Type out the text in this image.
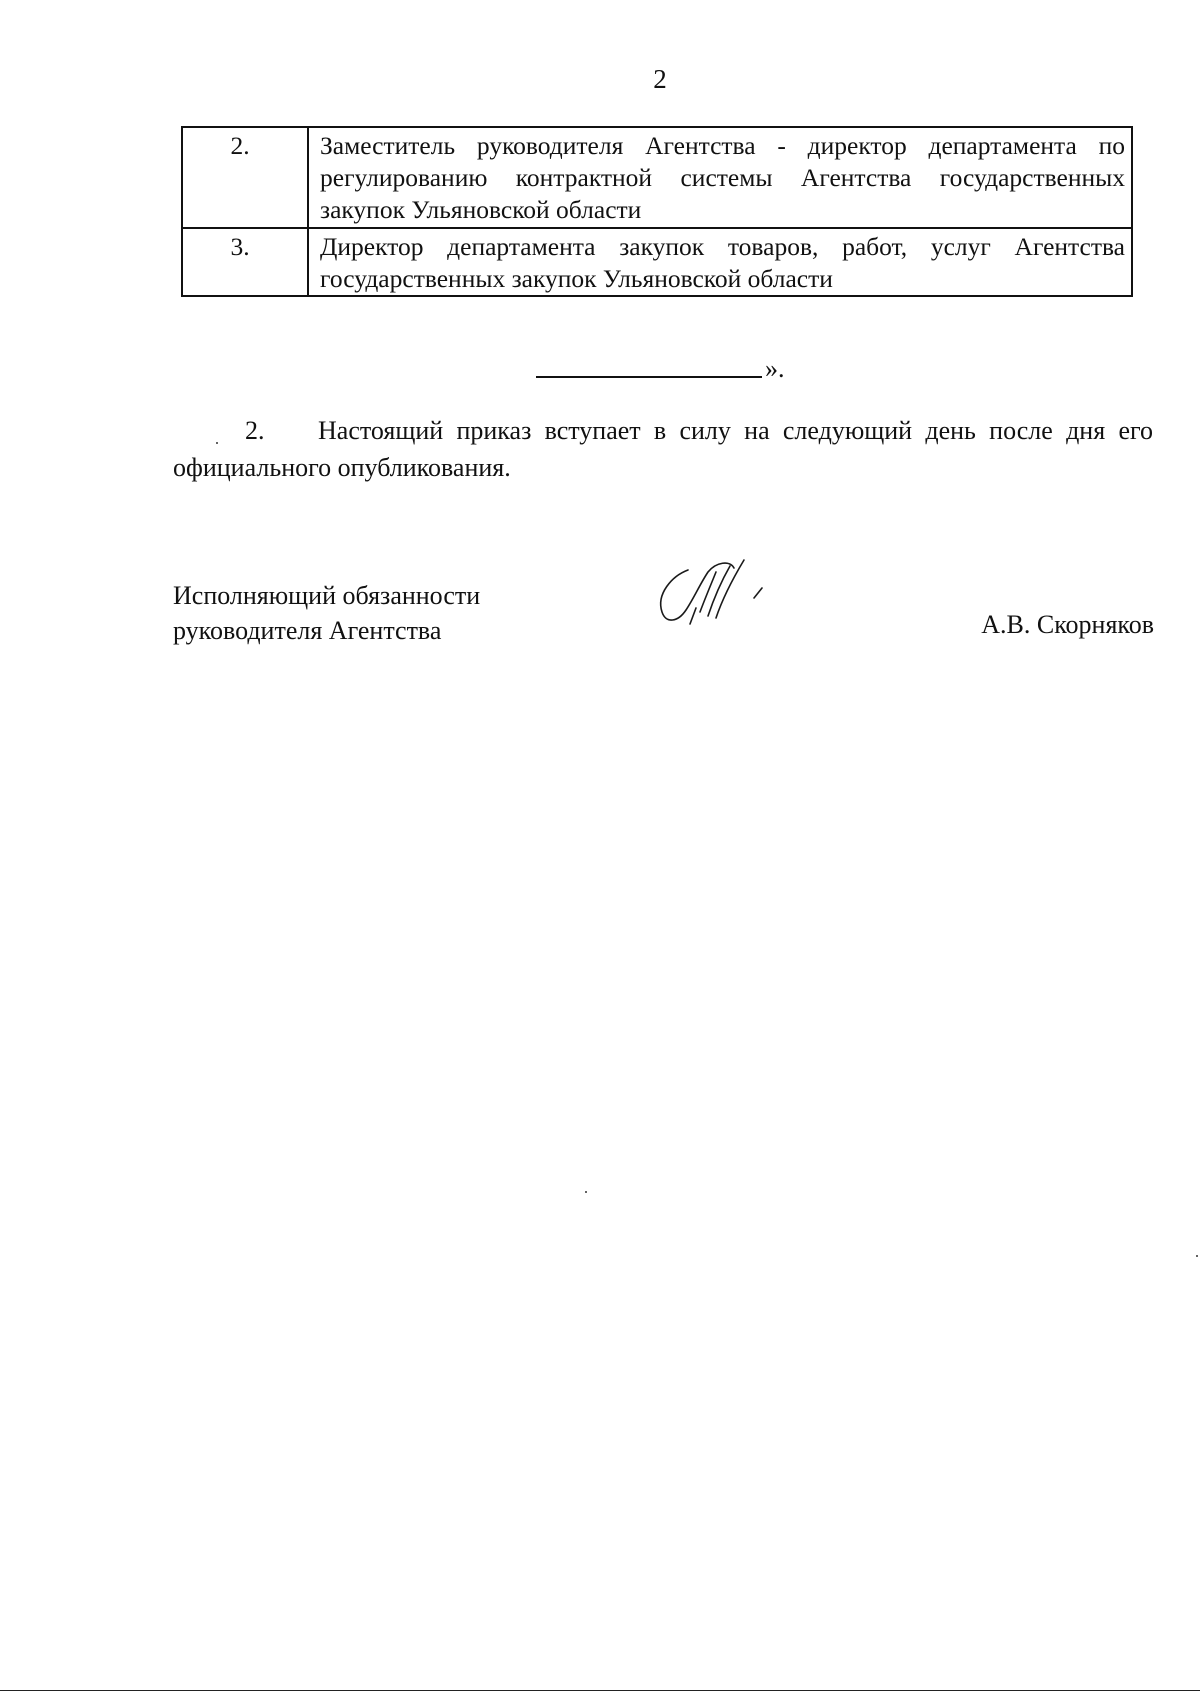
2
2.	Заместитель руководителя Агентства - директор департамента по регулированию контрактной системы Агентства государственных закупок Ульяновской области
3.	Директор департамента закупок товаров, работ, услуг Агентства государственных закупок Ульяновской области
».
2. Настоящий приказ вступает в силу на следующий день после дня его официального опубликования.
Исполняющий обязанности
руководителя Агентства	А.В. Скорняков
